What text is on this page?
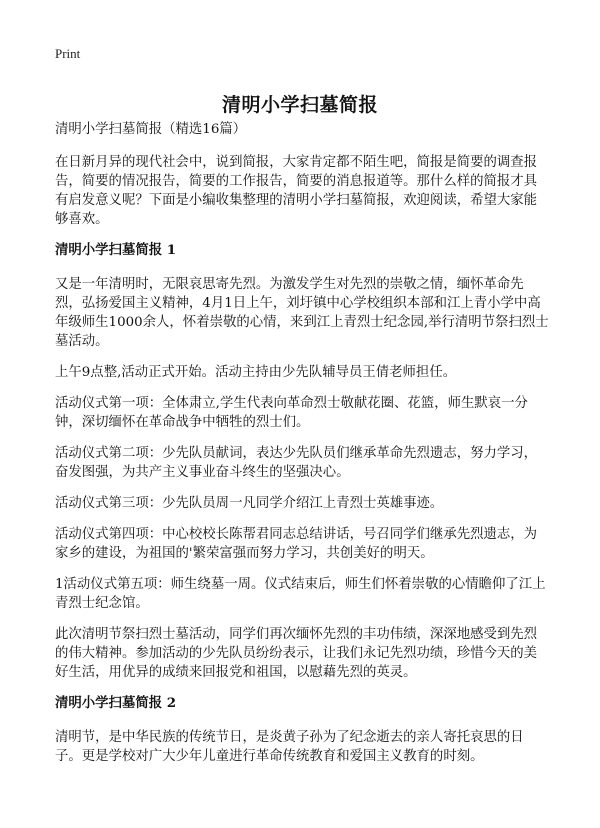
Print
清明小学扫墓简报

清明小学扫墓简报（精选16篇）

在日新月异的现代社会中，说到简报，大家肯定都不陌生吧，简报是简要的调查报告，简要的情况报告，简要的工作报告，简要的消息报道等。那什么样的简报才具有启发意义呢？下面是小编收集整理的清明小学扫墓简报，欢迎阅读，希望大家能够喜欢。

清明小学扫墓简报 1

又是一年清明时，无限哀思寄先烈。为激发学生对先烈的崇敬之情，缅怀革命先烈，弘扬爱国主义精神，4月1日上午，刘圩镇中心学校组织本部和江上青小学中高年级师生1000余人，怀着崇敬的心情，来到江上青烈士纪念园,举行清明节祭扫烈士墓活动。

上午9点整,活动正式开始。活动主持由少先队辅导员王倩老师担任。

活动仪式第一项：全体肃立,学生代表向革命烈士敬献花圈、花篮，师生默哀一分钟，深切缅怀在革命战争中牺牲的烈士们。

活动仪式第二项：少先队员献词，表达少先队员们继承革命先烈遗志，努力学习，奋发图强，为共产主义事业奋斗终生的坚强决心。

活动仪式第三项：少先队员周一凡同学介绍江上青烈士英雄事迹。

活动仪式第四项：中心校校长陈帮君同志总结讲话，号召同学们继承先烈遗志，为家乡的建设，为祖国的'繁荣富强而努力学习，共创美好的明天。

1活动仪式第五项：师生绕墓一周。仪式结束后，师生们怀着崇敬的心情瞻仰了江上青烈士纪念馆。

此次清明节祭扫烈士墓活动，同学们再次缅怀先烈的丰功伟绩，深深地感受到先烈的伟大精神。参加活动的少先队员纷纷表示，让我们永记先烈功绩，珍惜今天的美好生活，用优异的成绩来回报党和祖国，以慰藉先烈的英灵。

清明小学扫墓简报 2

清明节，是中华民族的传统节日，是炎黄子孙为了纪念逝去的亲人寄托哀思的日子。更是学校对广大少年儿童进行革命传统教育和爱国主义教育的时刻。
